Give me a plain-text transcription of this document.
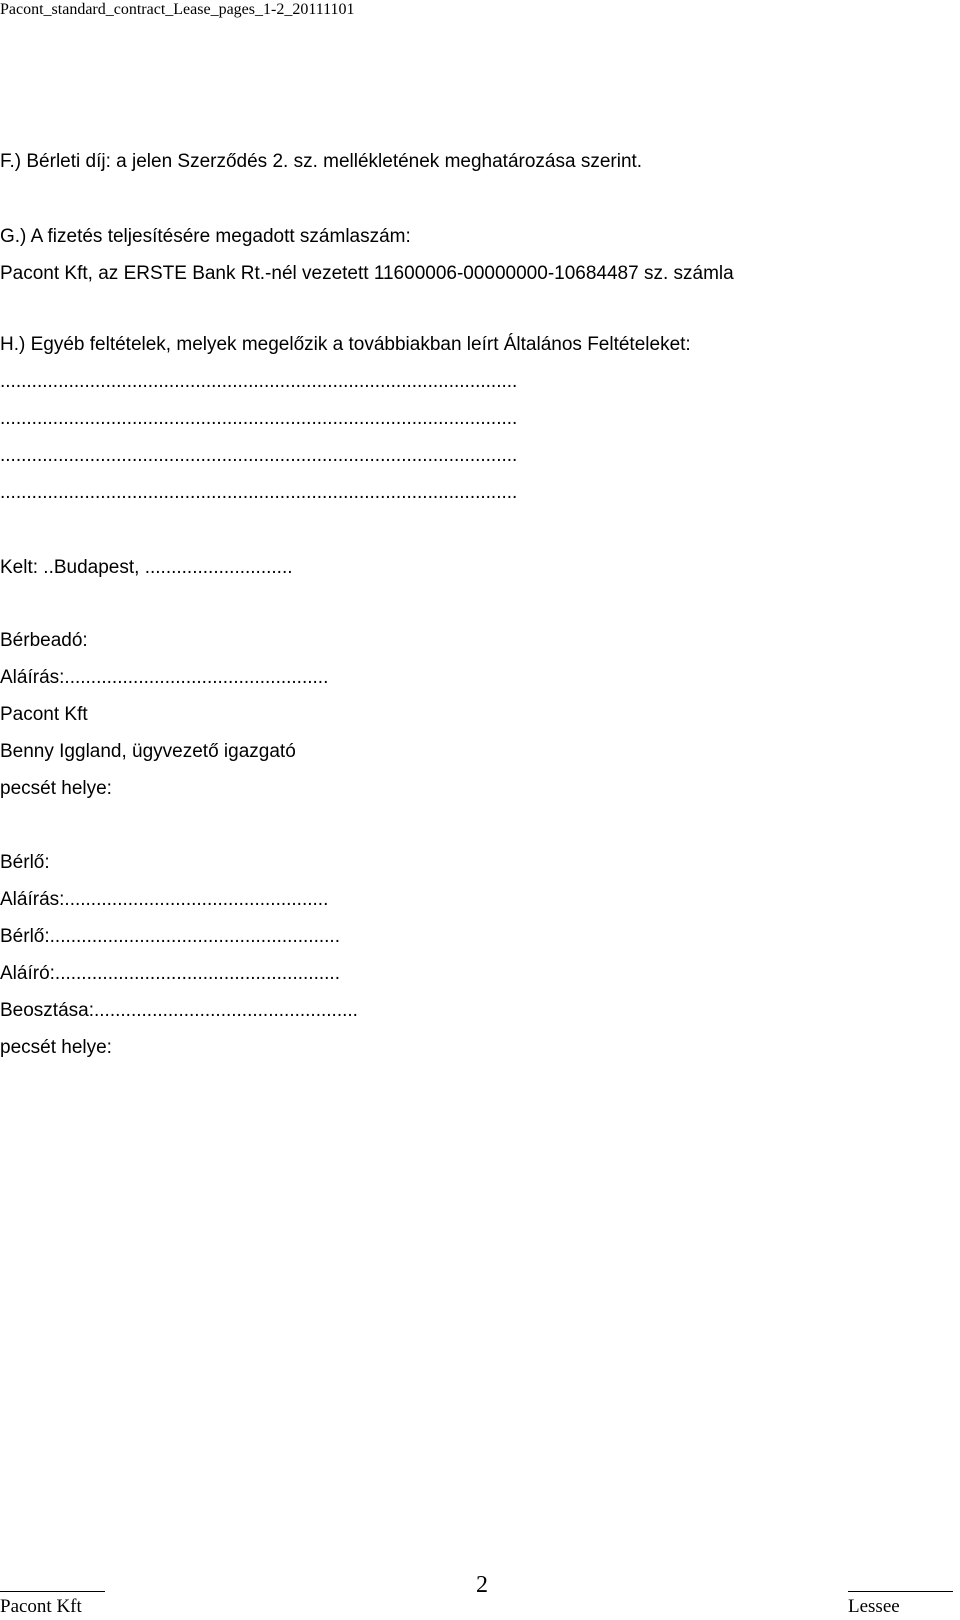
Pacont_standard_contract_Lease_pages_1-2_20111101
F.) Bérleti díj: a jelen Szerződés 2. sz. mellékletének meghatározása szerint.
G.) A fizetés teljesítésére megadott számlaszám:
Pacont Kft, az ERSTE Bank Rt.-nél vezetett 11600006-00000000-10684487 sz. számla
H.) Egyéb feltételek, melyek megelőzik a továbbiakban leírt Általános Feltételeket:
..................................................................................................
..................................................................................................
..................................................................................................
..................................................................................................
Kelt: ..Budapest, ............................
Bérbeadó:
Aláírás:..................................................
Pacont Kft
Benny Iggland, ügyvezető igazgató
pecsét helye:
Bérlő:
Aláírás:..................................................
Bérlő:.......................................................
Aláíró:......................................................
Beosztása:..................................................
pecsét helye:
2
Pacont Kft	Lessee
